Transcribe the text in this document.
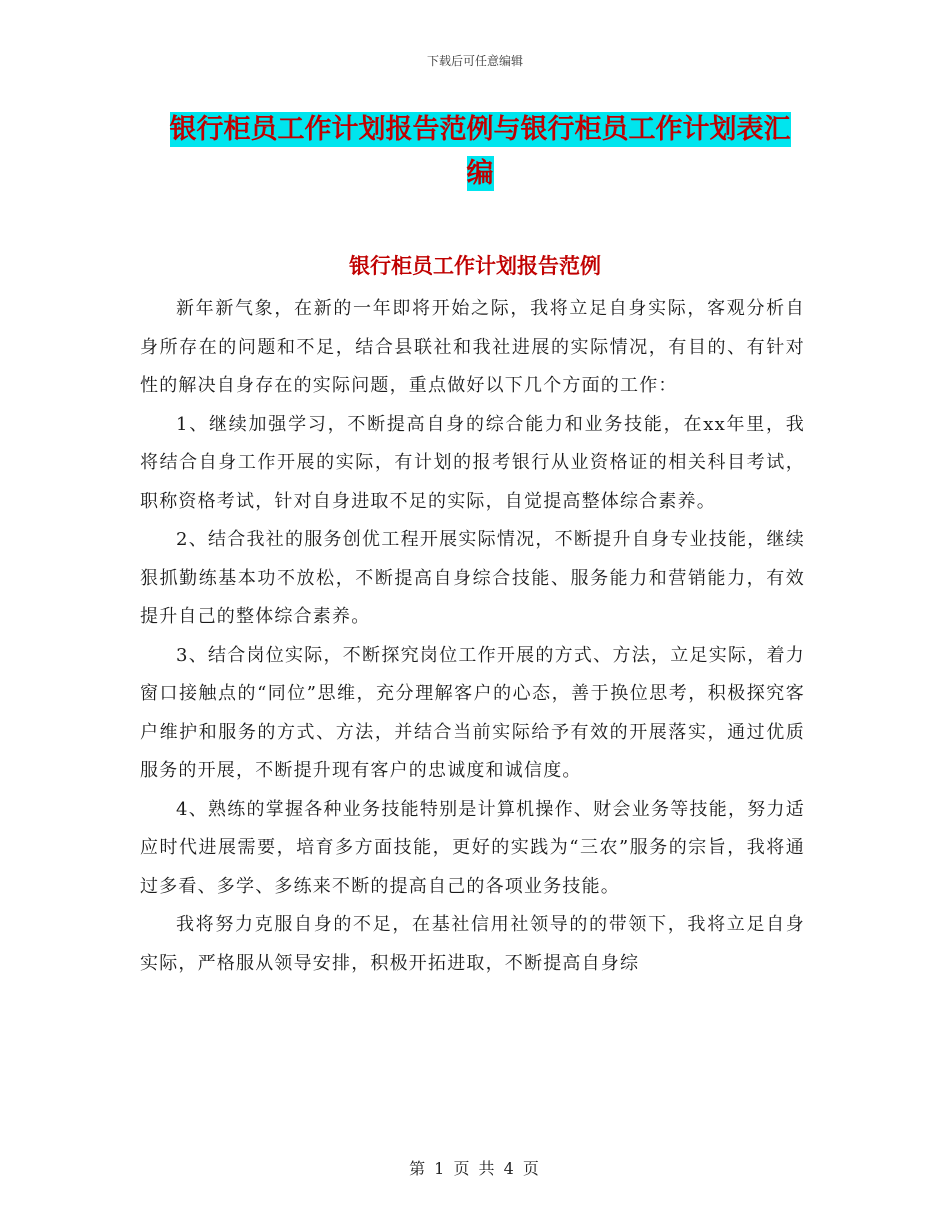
下载后可任意编辑
银行柜员工作计划报告范例与银行柜员工作计划表汇
编
银行柜员工作计划报告范例

新年新气象，在新的一年即将开始之际，我将立足自身实际，客观分析自身所存在的问题和不足，结合县联社和我社进展的实际情况，有目的、有针对性的解决自身存在的实际问题，重点做好以下几个方面的工作：

1、继续加强学习，不断提高自身的综合能力和业务技能，在xx年里，我将结合自身工作开展的实际，有计划的报考银行从业资格证的相关科目考试，职称资格考试，针对自身进取不足的实际，自觉提高整体综合素养。

2、结合我社的服务创优工程开展实际情况，不断提升自身专业技能，继续狠抓勤练基本功不放松，不断提高自身综合技能、服务能力和营销能力，有效提升自己的整体综合素养。

3、结合岗位实际，不断探究岗位工作开展的方式、方法，立足实际，着力窗口接触点的“同位”思维，充分理解客户的心态，善于换位思考，积极探究客户维护和服务的方式、方法，并结合当前实际给予有效的开展落实，通过优质服务的开展，不断提升现有客户的忠诚度和诚信度。

4、熟练的掌握各种业务技能特别是计算机操作、财会业务等技能，努力适应时代进展需要，培育多方面技能，更好的实践为“三农”服务的宗旨，我将通过多看、多学、多练来不断的提高自己的各项业务技能。

我将努力克服自身的不足，在基社信用社领导的的带领下，我将立足自身实际，严格服从领导安排，积极开拓进取，不断提高自身综

第 1 页 共 4 页
